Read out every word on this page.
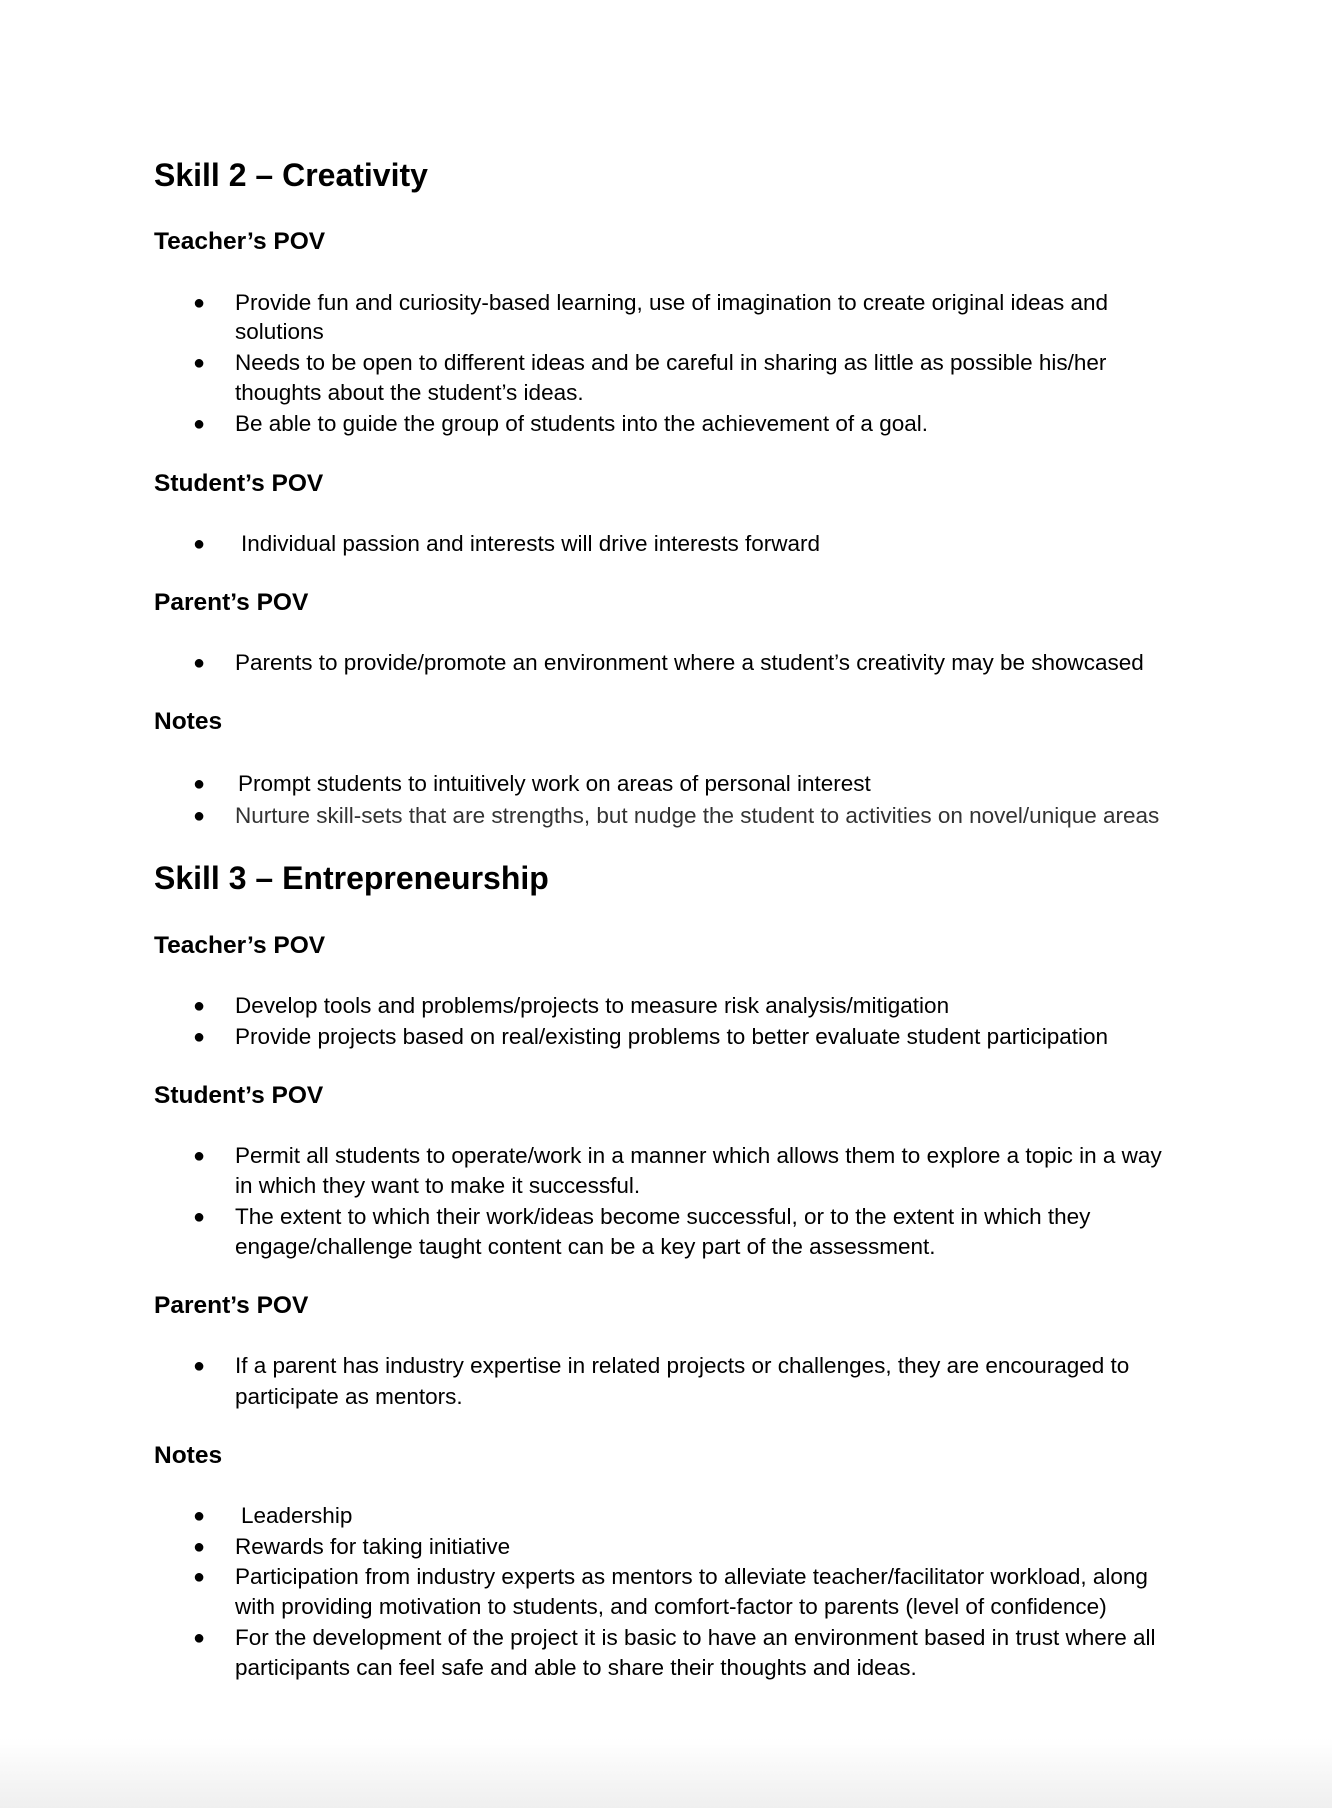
Skill 2 – Creativity
Teacher’s POV
● Provide fun and curiosity-based learning, use of imagination to create original ideas and
solutions
● Needs to be open to different ideas and be careful in sharing as little as possible his/her
thoughts about the student’s ideas.
● Be able to guide the group of students into the achievement of a goal.
Student’s POV
● Individual passion and interests will drive interests forward
Parent’s POV
● Parents to provide/promote an environment where a student’s creativity may be showcased
Notes
● Prompt students to intuitively work on areas of personal interest
● Nurture skill-sets that are strengths, but nudge the student to activities on novel/unique areas
Skill 3 – Entrepreneurship
Teacher’s POV
● Develop tools and problems/projects to measure risk analysis/mitigation
● Provide projects based on real/existing problems to better evaluate student participation
Student’s POV
● Permit all students to operate/work in a manner which allows them to explore a topic in a way
in which they want to make it successful.
● The extent to which their work/ideas become successful, or to the extent in which they
engage/challenge taught content can be a key part of the assessment.
Parent’s POV
● If a parent has industry expertise in related projects or challenges, they are encouraged to
participate as mentors.
Notes
● Leadership
● Rewards for taking initiative
● Participation from industry experts as mentors to alleviate teacher/facilitator workload, along
with providing motivation to students, and comfort-factor to parents (level of confidence)
● For the development of the project it is basic to have an environment based in trust where all
participants can feel safe and able to share their thoughts and ideas.
